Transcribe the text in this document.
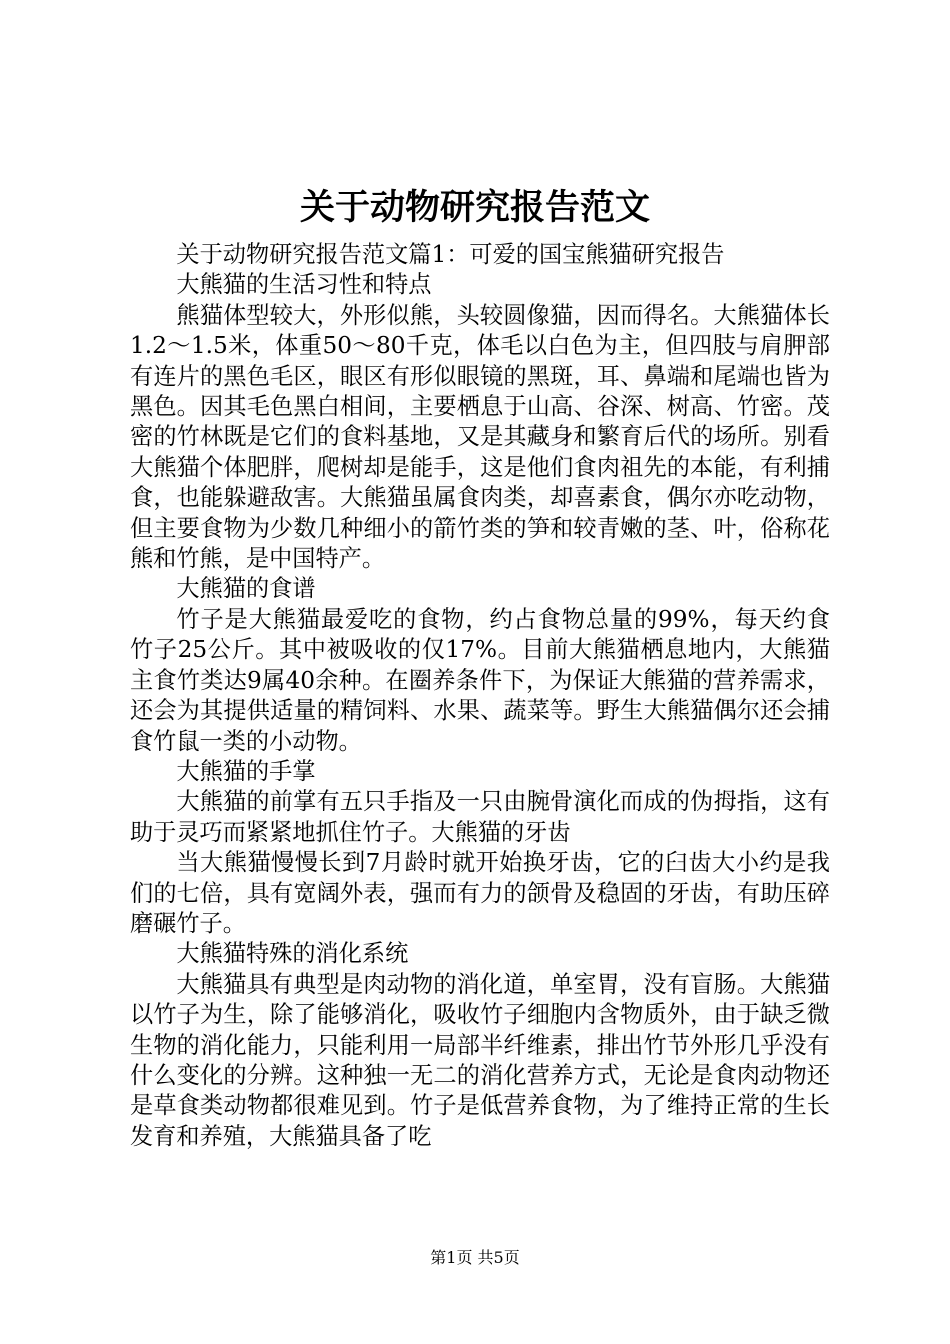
关于动物研究报告范文

关于动物研究报告范文篇1：可爱的国宝熊猫研究报告

大熊猫的生活习性和特点

熊猫体型较大，外形似熊，头较圆像猫，因而得名。大熊猫体长1.2～1.5米，体重50～80千克，体毛以白色为主，但四肢与肩胛部有连片的黑色毛区，眼区有形似眼镜的黑斑，耳、鼻端和尾端也皆为黑色。因其毛色黑白相间，主要栖息于山高、谷深、树高、竹密。茂密的竹林既是它们的食料基地，又是其藏身和繁育后代的场所。别看大熊猫个体肥胖，爬树却是能手，这是他们食肉祖先的本能，有利捕食，也能躲避敌害。大熊猫虽属食肉类，却喜素食，偶尔亦吃动物，但主要食物为少数几种细小的箭竹类的笋和较青嫩的茎、叶，俗称花熊和竹熊，是中国特产。

大熊猫的食谱

竹子是大熊猫最爱吃的食物，约占食物总量的99%，每天约食竹子25公斤。其中被吸收的仅17%。目前大熊猫栖息地内，大熊猫主食竹类达9属40余种。在圈养条件下，为保证大熊猫的营养需求，还会为其提供适量的精饲料、水果、蔬菜等。野生大熊猫偶尔还会捕食竹鼠一类的小动物。

大熊猫的手掌

大熊猫的前掌有五只手指及一只由腕骨演化而成的伪拇指，这有助于灵巧而紧紧地抓住竹子。大熊猫的牙齿

当大熊猫慢慢长到7月龄时就开始换牙齿，它的臼齿大小约是我们的七倍，具有宽阔外表，强而有力的颌骨及稳固的牙齿，有助压碎磨碾竹子。

大熊猫特殊的消化系统

大熊猫具有典型是肉动物的消化道，单室胃，没有盲肠。大熊猫以竹子为生，除了能够消化，吸收竹子细胞内含物质外，由于缺乏微生物的消化能力，只能利用一局部半纤维素，排出竹节外形几乎没有什么变化的分辨。这种独一无二的消化营养方式，无论是食肉动物还是草食类动物都很难见到。竹子是低营养食物，为了维持正常的生长发育和养殖，大熊猫具备了吃

第1页 共5页
